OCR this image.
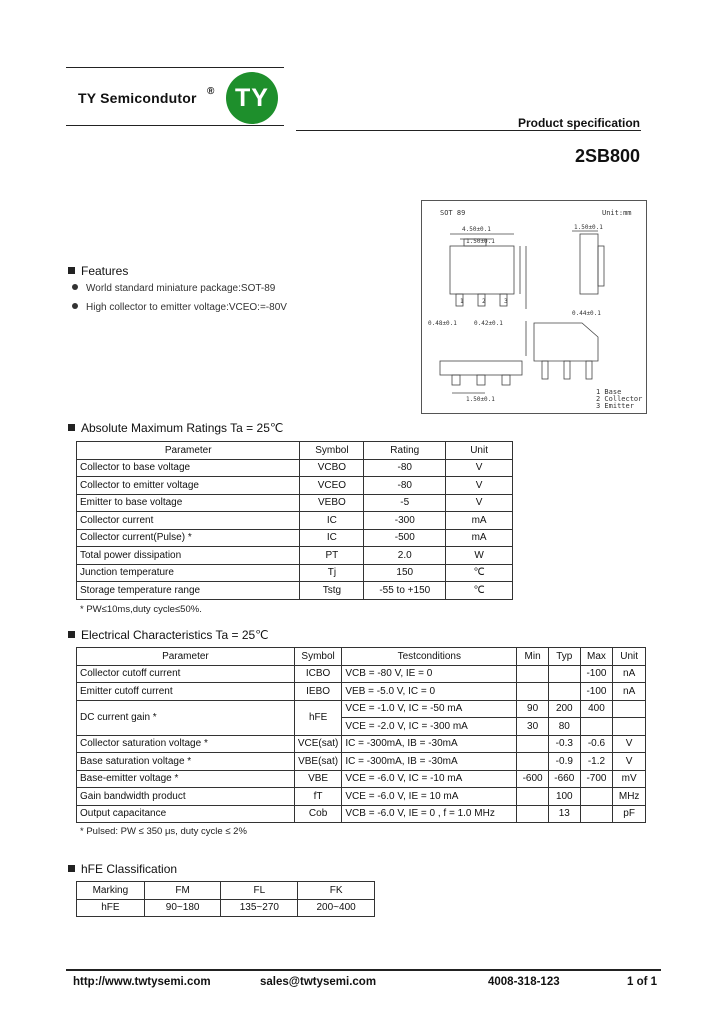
TY Semicondutor ® TY
Product specification
2SB800
SOT 89	Unit:mm
4.50±0.1
1.50±0.1
1	2	3
0.48±0.1	0.42±0.1
0.44±0.1
1.50±0.1
1.50±0.1
1 Base
2 Collector
3 Emitter
Features
World standard miniature package:SOT-89
High collector to emitter voltage:VCEO:=-80V
Absolute Maximum Ratings Ta = 25℃
Parameter	Symbol	Rating	Unit
Collector to base voltage	VCBO	-80	V
Collector to emitter voltage	VCEO	-80	V
Emitter to base voltage	VEBO	-5	V
Collector current	IC	-300	mA
Collector current(Pulse) *	IC	-500	mA
Total power dissipation	PT	2.0	W
Junction temperature	Tj	150	℃
Storage temperature range	Tstg	-55 to +150	℃
* PW≤10ms,duty cycle≤50%.
Electrical Characteristics Ta = 25℃
Parameter	Symbol	Testconditions	Min	Typ	Max	Unit
Collector cutoff current	ICBO	VCB = -80 V, IE = 0			-100	nA
Emitter cutoff current	IEBO	VEB = -5.0 V, IC = 0			-100	nA
DC current gain *	hFE	VCE = -1.0 V, IC = -50 mA	90	200	400	
		VCE = -2.0 V, IC = -300 mA	30	80		
Collector saturation voltage *	VCE(sat)	IC = -300mA, IB = -30mA		-0.3	-0.6	V
Base saturation voltage *	VBE(sat)	IC = -300mA, IB = -30mA		-0.9	-1.2	V
Base-emitter voltage *	VBE	VCE = -6.0 V, IC = -10 mA	-600	-660	-700	mV
Gain bandwidth product	fT	VCE = -6.0 V, IE = 10 mA		100		MHz
Output capacitance	Cob	VCB = -6.0 V, IE = 0 , f = 1.0 MHz		13		pF
* Pulsed: PW ≤ 350 μs, duty cycle ≤ 2%
hFE Classification
Marking	FM	FL	FK
hFE	90~180	135~270	200~400
http://www.twtysemi.com	sales@twtysemi.com	4008-318-123	1 of 1
